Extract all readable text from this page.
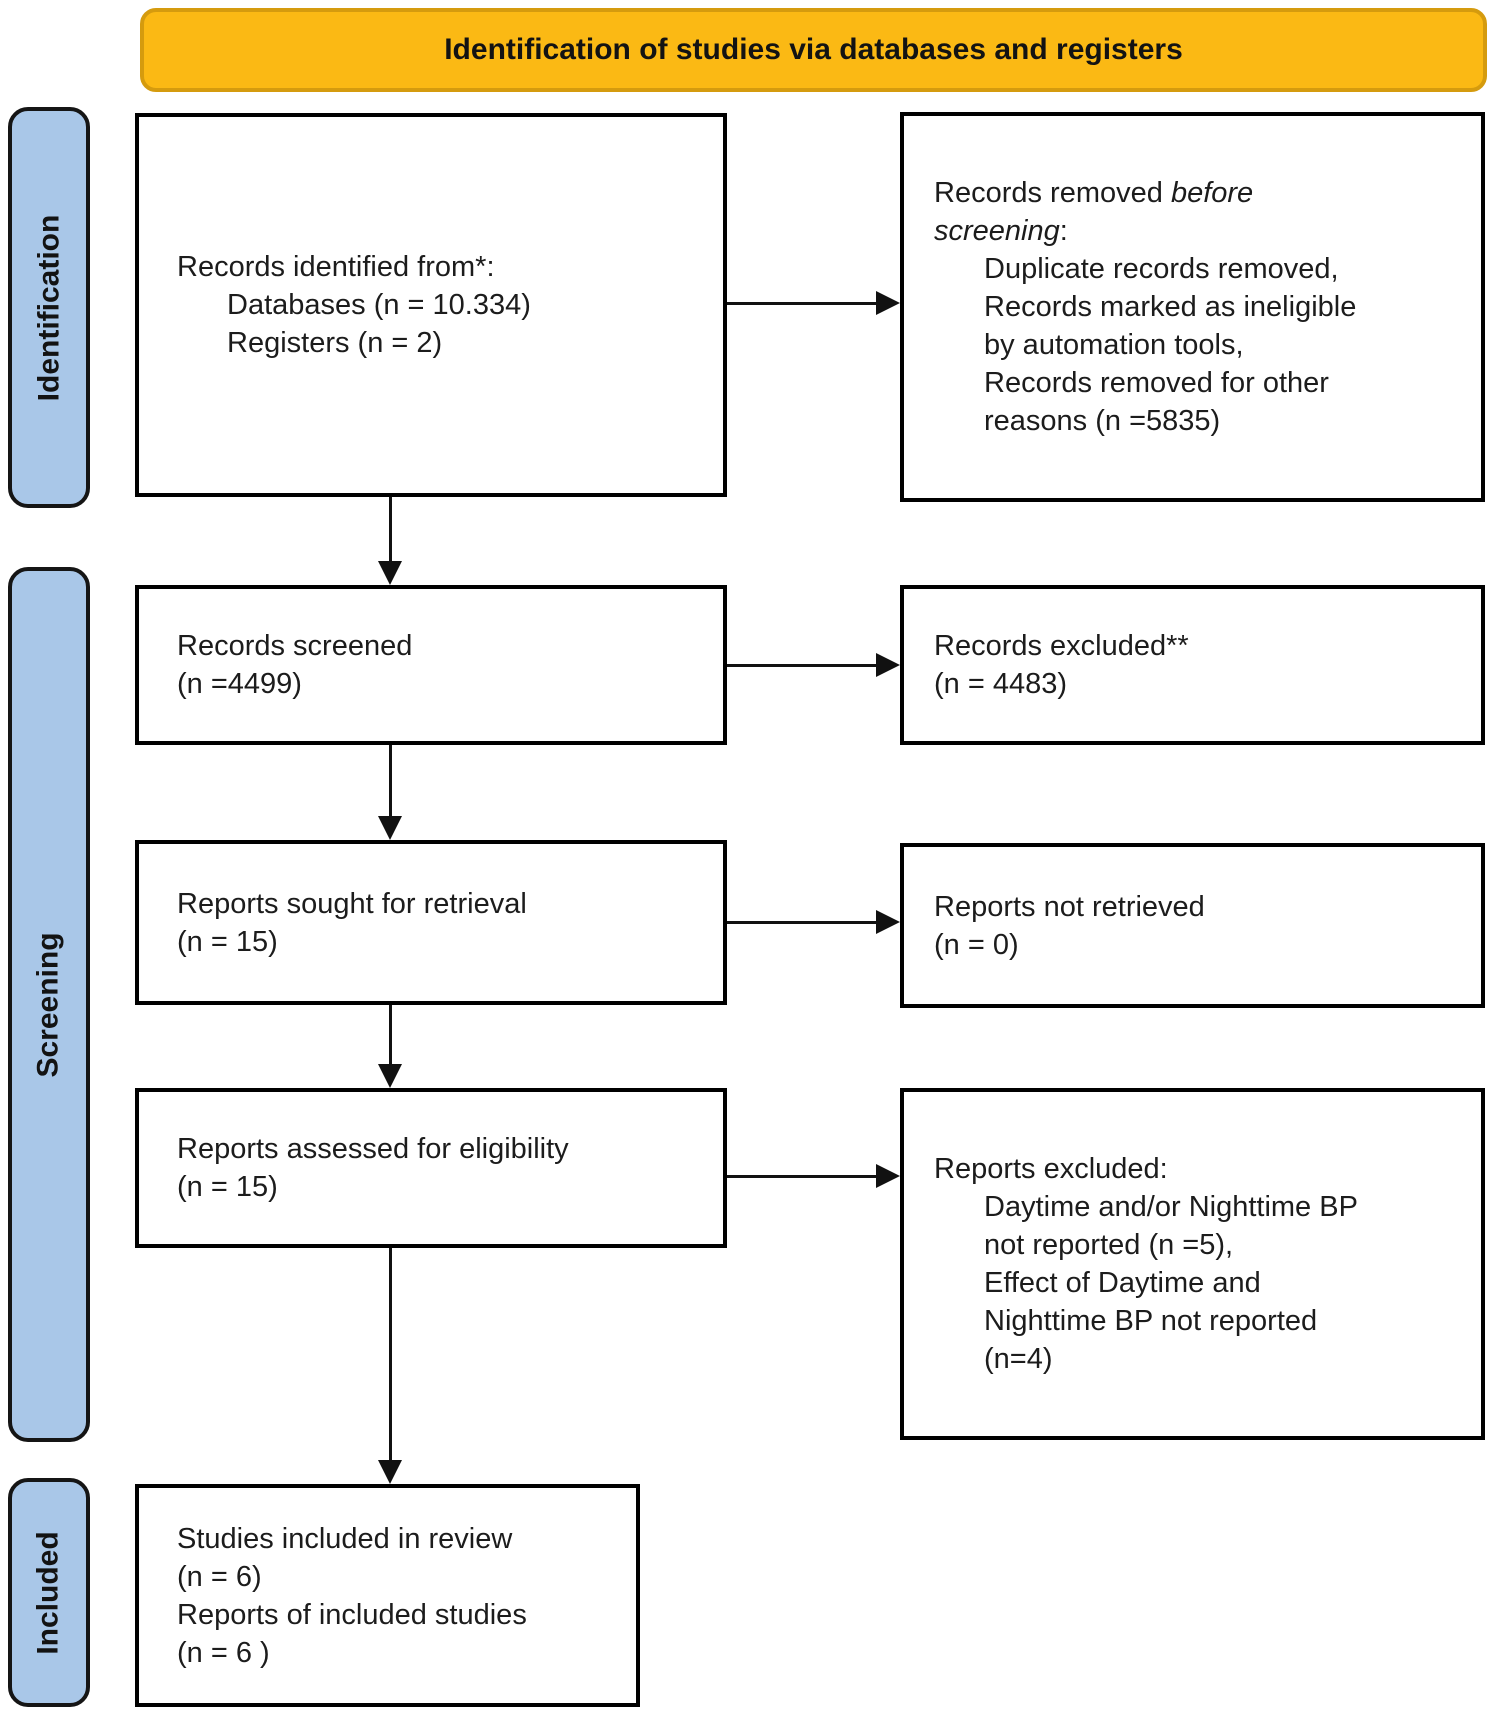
Identification of studies via databases and registers
Identification
Screening
Included
Records identified from*:
Databases (n = 10.334)
Registers (n = 2)
Records screened
(n =4499)
Reports sought for retrieval
(n = 15)
Reports assessed for eligibility
(n = 15)
Studies included in review
(n = 6)
Reports of included studies
(n = 6 )
Records removed before
screening:
Duplicate records removed,
Records marked as ineligible
by automation tools,
Records removed for other
reasons (n =5835)
Records excluded**
(n = 4483)
Reports not retrieved
(n = 0)
Reports excluded:
Daytime and/or Nighttime BP
not reported (n =5),
Effect of Daytime and
Nighttime BP not reported
(n=4)
